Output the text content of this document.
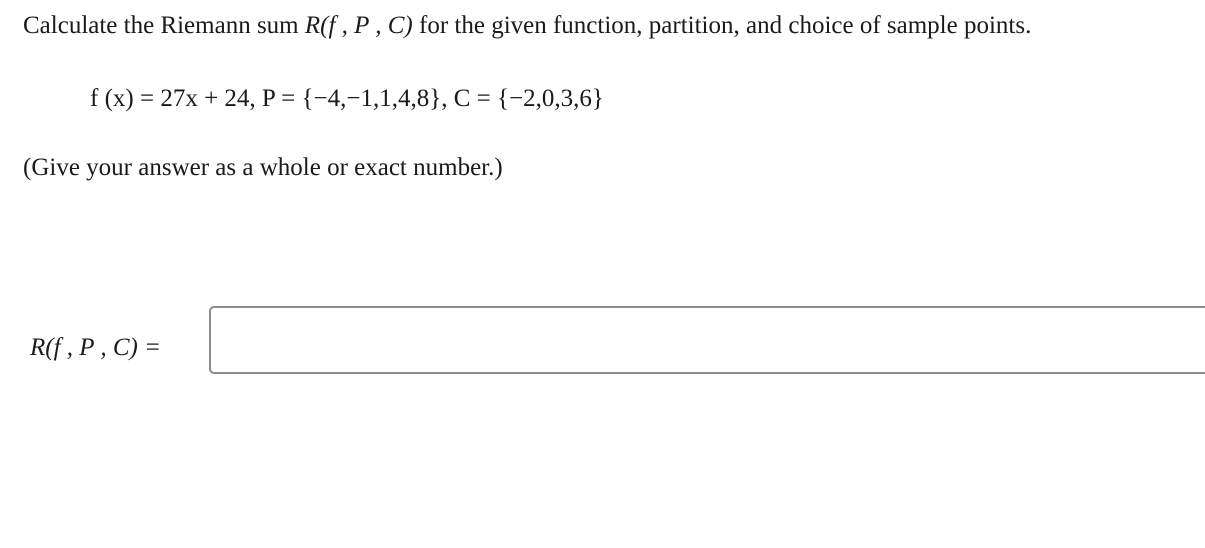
Calculate the Riemann sum R(f , P , C) for the given function, partition, and choice of sample points.
f (x) = 27x + 24, P = {−4,−1,1,4,8}, C = {−2,0,3,6}
(Give your answer as a whole or exact number.)
R(f , P , C) =
